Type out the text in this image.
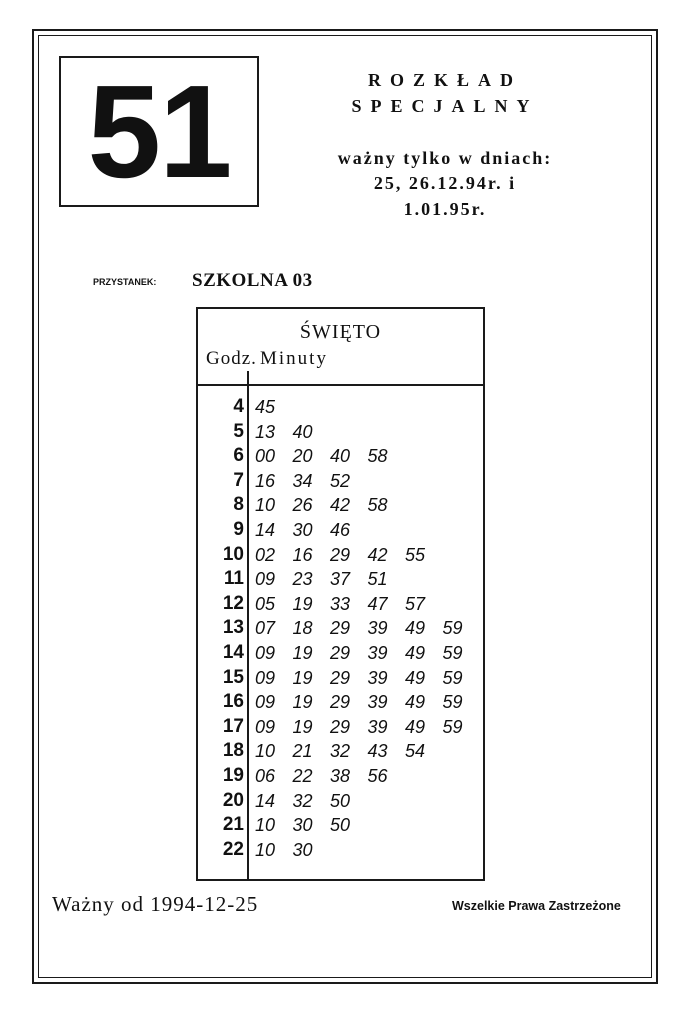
51	ROZKŁAD
SPECJALNY
ważny tylko w dniach:
25, 26.12.94r. i
1.01.95r.
PRZYSTANEK: SZKOLNA 03
ŚWIĘTO
Godz. Minuty
4 45
5 13 40
6 00 20 40 58
7 16 34 52
8 10 26 42 58
9 14 30 46
10 02 16 29 42 55
11 09 23 37 51
12 05 19 33 47 57
13 07 18 29 39 49 59
14 09 19 29 39 49 59
15 09 19 29 39 49 59
16 09 19 29 39 49 59
17 09 19 29 39 49 59
18 10 21 32 43 54
19 06 22 38 56
20 14 32 50
21 10 30 50
22 10 30
Ważny od 1994-12-25	Wszelkie Prawa Zastrzeżone
